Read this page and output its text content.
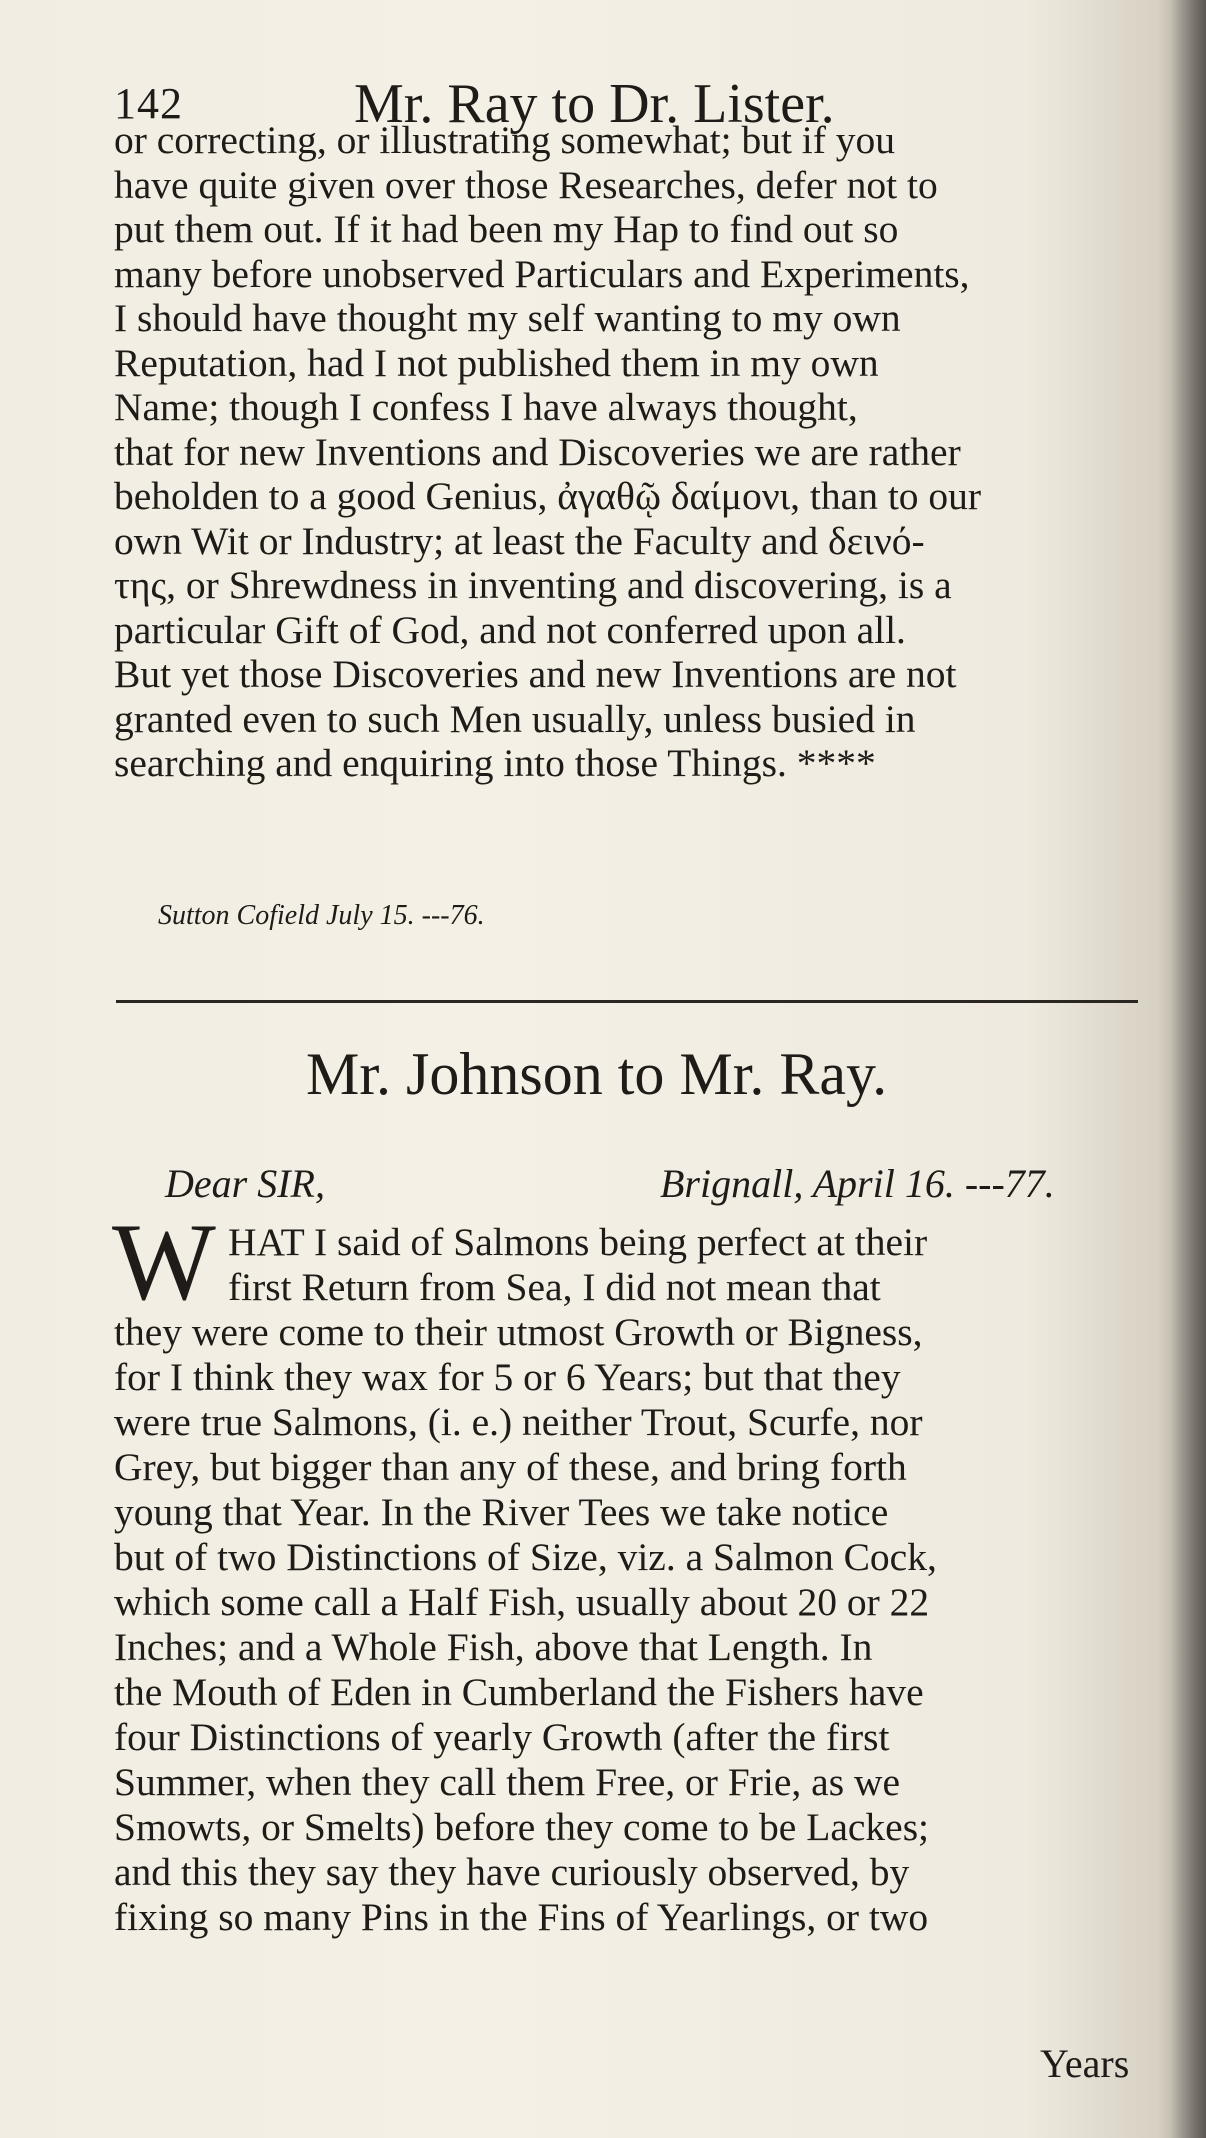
142	Mr. Ray to Dr. Lister.
or correcting, or illustrating somewhat; but if you
have quite given over those Researches, defer not to
put them out. If it had been my Hap to find out so
many before unobserved Particulars and Experiments,
I should have thought my self wanting to my own
Reputation, had I not published them in my own
Name; though I confess I have always thought,
that for new Inventions and Discoveries we are rather
beholden to a good Genius, ἀγαθῷ δαίμονι, than to our
own Wit or Industry; at least the Faculty and δεινό-
της, or Shrewdness in inventing and discovering, is a
particular Gift of God, and not conferred upon all.
But yet those Discoveries and new Inventions are not
granted even to such Men usually, unless busied in
searching and enquiring into those Things. ****
Sutton Cofield July 15. ---76.
Mr. Johnson to Mr. Ray.
Dear SIR,	Brignall, April 16. ---77.
W HAT I said of Salmons being perfect at their
first Return from Sea, I did not mean that
they were come to their utmost Growth or Bigness,
for I think they wax for 5 or 6 Years; but that they
were true Salmons, (i. e.) neither Trout, Scurfe, nor
Grey, but bigger than any of these, and bring forth
young that Year. In the River Tees we take notice
but of two Distinctions of Size, viz. a Salmon Cock,
which some call a Half Fish, usually about 20 or 22
Inches; and a Whole Fish, above that Length. In
the Mouth of Eden in Cumberland the Fishers have
four Distinctions of yearly Growth (after the first
Summer, when they call them Free, or Frie, as we
Smowts, or Smelts) before they come to be Lackes;
and this they say they have curiously observed, by
fixing so many Pins in the Fins of Yearlings, or two
Years
